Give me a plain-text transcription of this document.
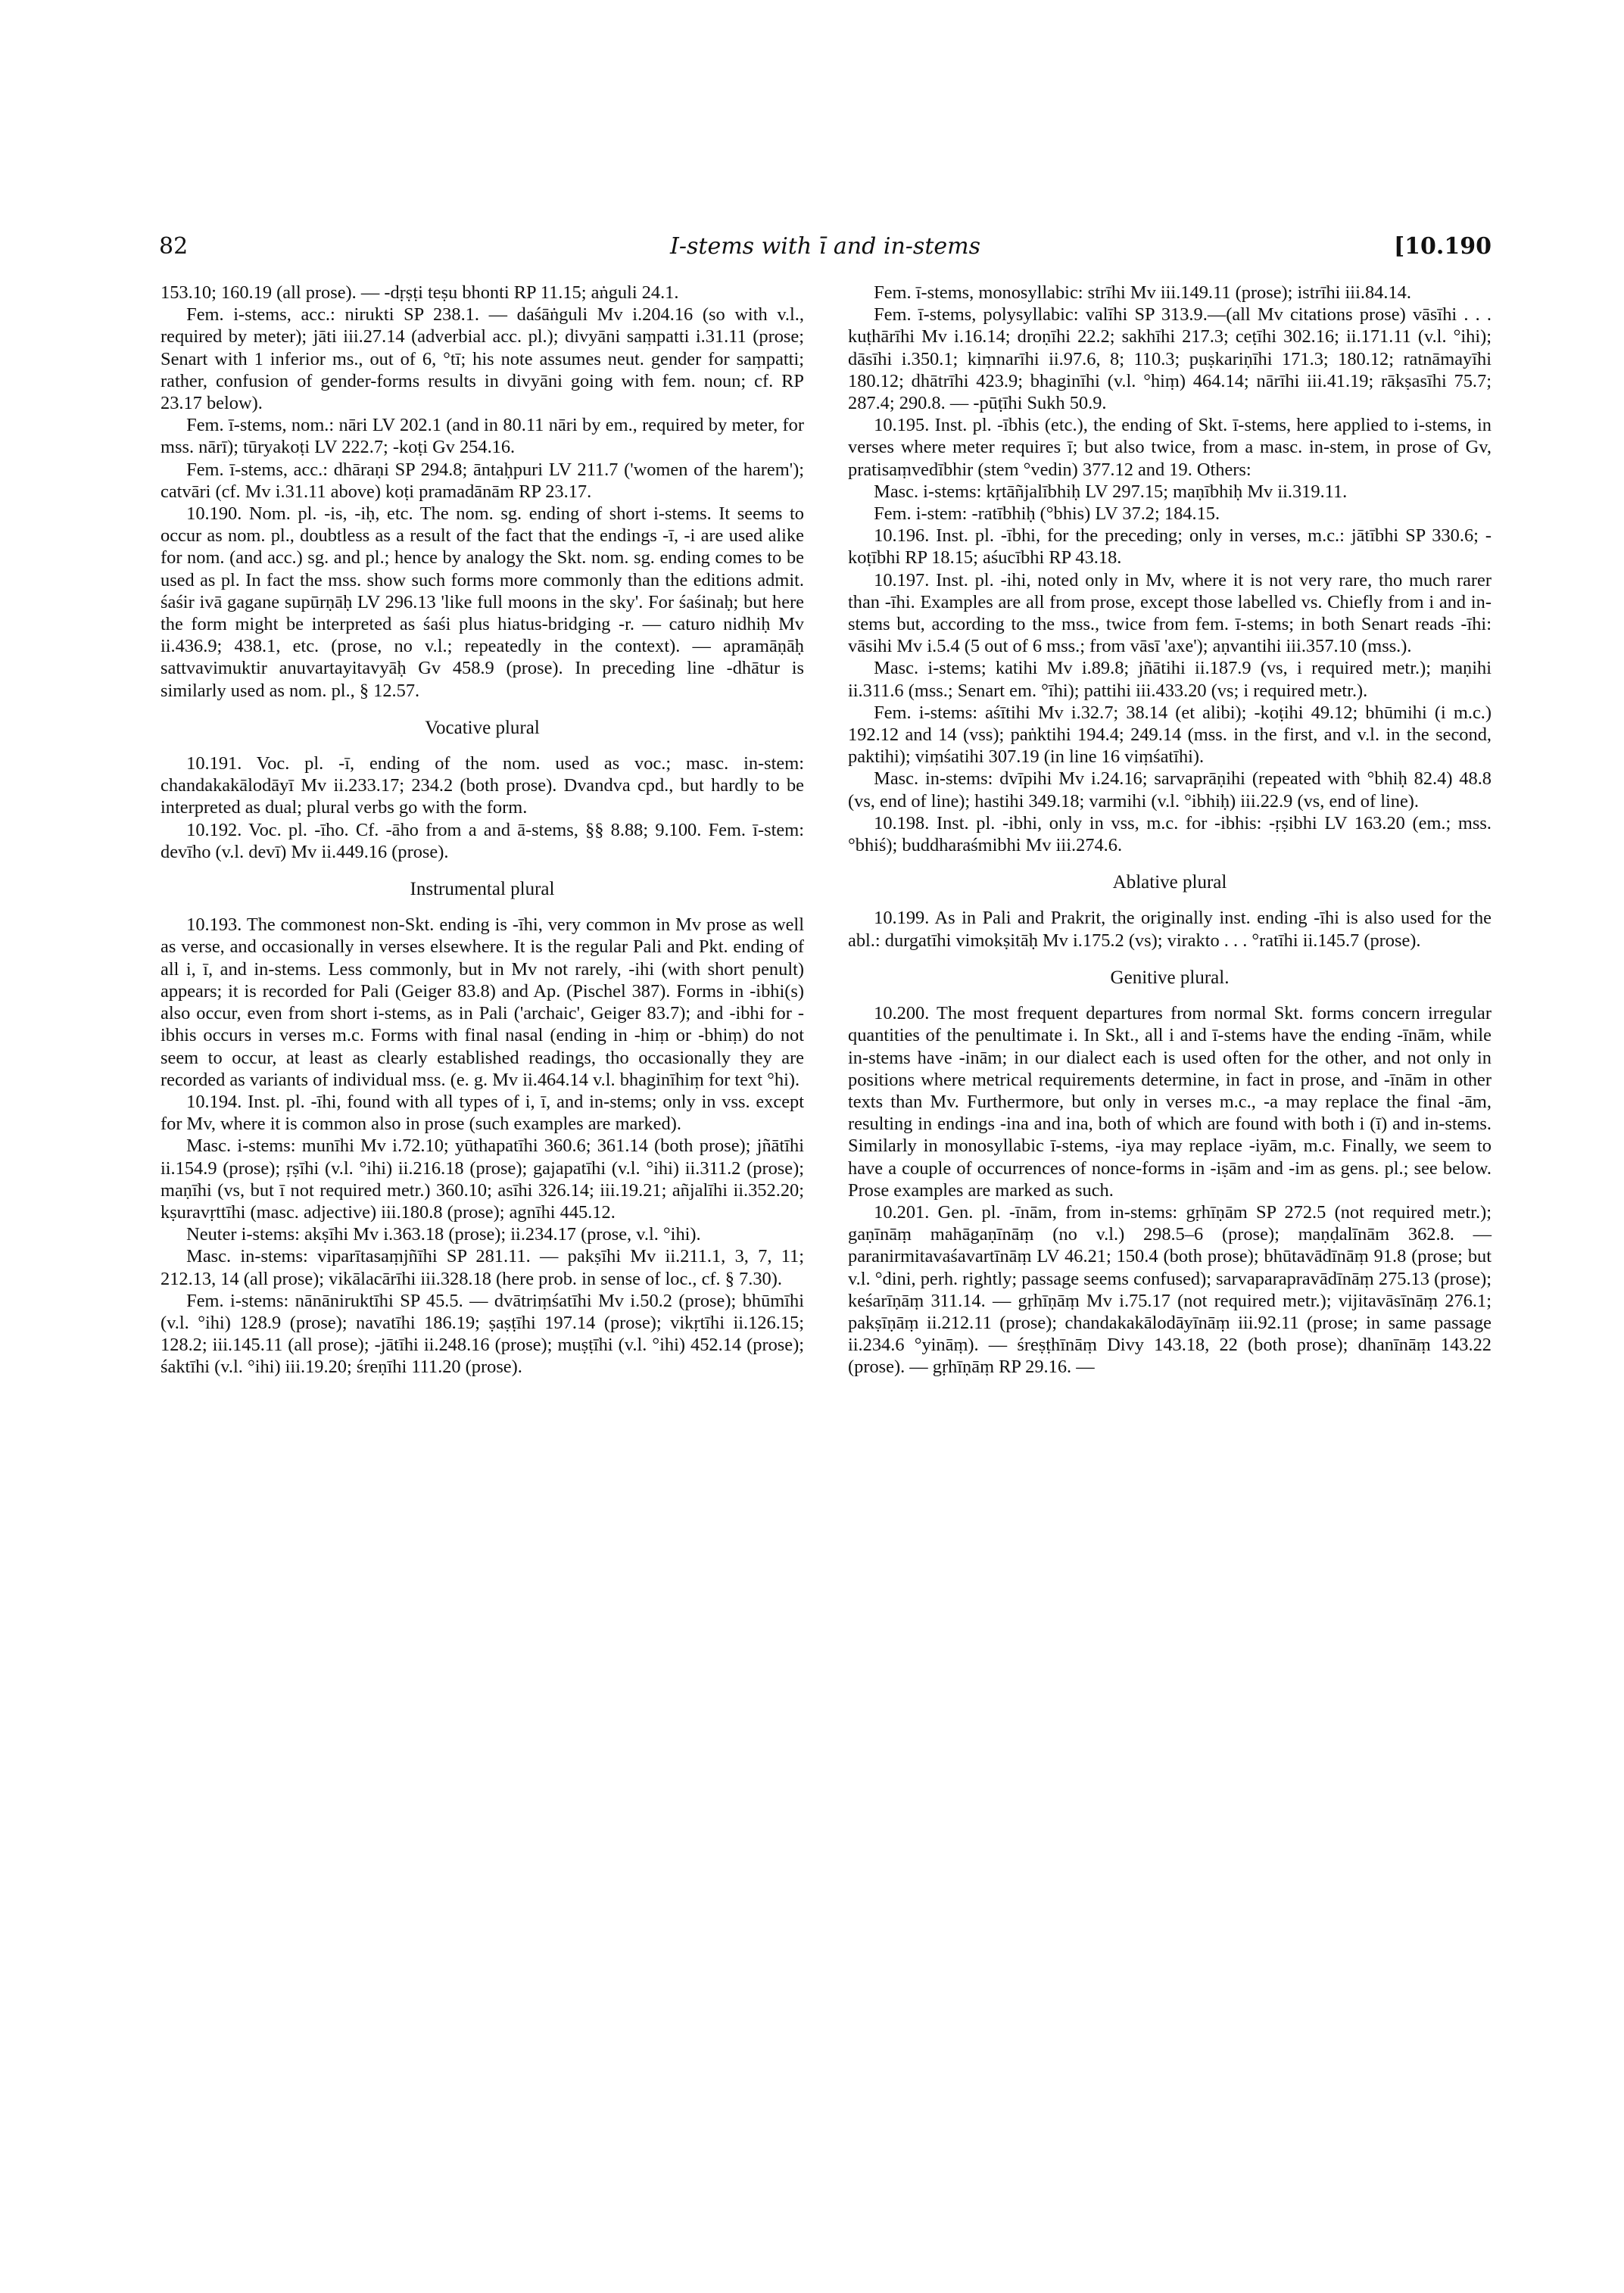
82	I-stems with ī and in-stems	[10.190

153.10; 160.19 (all prose). — -dṛṣṭi teṣu bhonti RP 11.15; aṅguli 24.1.

Fem. i-stems, acc.: nirukti SP 238.1. — daśāṅguli Mv i.204.16 (so with v.l., required by meter); jāti iii.27.14 (adverbial acc. pl.); divyāni saṃpatti i.31.11 (prose; Senart with 1 inferior ms., out of 6, °tī; his note assumes neut. gender for saṃpatti; rather, confusion of gender-forms results in divyāni going with fem. noun; cf. RP 23.17 below).

Fem. ī-stems, nom.: nāri LV 202.1 (and in 80.11 nāri by em., required by meter, for mss. nārī); tūryakoṭi LV 222.7; -koṭi Gv 254.16.

Fem. ī-stems, acc.: dhāraṇi SP 294.8; āntaḥpuri LV 211.7 ('women of the harem'); catvāri (cf. Mv i.31.11 above) koṭi pramadānām RP 23.17.

10.190. Nom. pl. -is, -iḥ, etc. The nom. sg. ending of short i-stems. It seems to occur as nom. pl., doubtless as a result of the fact that the endings -ī, -i are used alike for nom. (and acc.) sg. and pl.; hence by analogy the Skt. nom. sg. ending comes to be used as pl. In fact the mss. show such forms more commonly than the editions admit. śaśir ivā gagane supūrṇāḥ LV 296.13 'like full moons in the sky'. For śaśinaḥ; but here the form might be interpreted as śaśi plus hiatus-bridging -r. — caturo nidhiḥ Mv ii.436.9; 438.1, etc. (prose, no v.l.; repeatedly in the context). — apramāṇāḥ sattvavimuktir anuvartayitavyāḥ Gv 458.9 (prose). In preceding line -dhātur is similarly used as nom. pl., § 12.57.

Vocative plural

10.191. Voc. pl. -ī, ending of the nom. used as voc.; masc. in-stem: chandakakālodāyī Mv ii.233.17; 234.2 (both prose). Dvandva cpd., but hardly to be interpreted as dual; plural verbs go with the form.

10.192. Voc. pl. -īho. Cf. -āho from a and ā-stems, §§ 8.88; 9.100. Fem. ī-stem: devīho (v.l. devī) Mv ii.449.16 (prose).

Instrumental plural

10.193. The commonest non-Skt. ending is -īhi, very common in Mv prose as well as verse, and occasionally in verses elsewhere. It is the regular Pali and Pkt. ending of all i, ī, and in-stems. Less commonly, but in Mv not rarely, -ihi (with short penult) appears; it is recorded for Pali (Geiger 83.8) and Ap. (Pischel 387). Forms in -ibhi(s) also occur, even from short i-stems, as in Pali ('archaic', Geiger 83.7); and -ibhi for -ibhis occurs in verses m.c. Forms with final nasal (ending in -hiṃ or -bhiṃ) do not seem to occur, at least as clearly established readings, tho occasionally they are recorded as variants of individual mss. (e. g. Mv ii.464.14 v.l. bhaginīhiṃ for text °hi).

10.194. Inst. pl. -īhi, found with all types of i, ī, and in-stems; only in vss. except for Mv, where it is common also in prose (such examples are marked).

Masc. i-stems: munīhi Mv i.72.10; yūthapatīhi 360.6; 361.14 (both prose); jñātīhi ii.154.9 (prose); ṛṣīhi (v.l. °ihi) ii.216.18 (prose); gajapatīhi (v.l. °ihi) ii.311.2 (prose); maṇīhi (vs, but ī not required metr.) 360.10; asīhi 326.14; iii.19.21; añjalīhi ii.352.20; kṣuravṛttīhi (masc. adjective) iii.180.8 (prose); agnīhi 445.12.

Neuter i-stems: akṣīhi Mv i.363.18 (prose); ii.234.17 (prose, v.l. °ihi).

Masc. in-stems: viparītasaṃjñīhi SP 281.11. — pakṣīhi Mv ii.211.1, 3, 7, 11; 212.13, 14 (all prose); vikālacārīhi iii.328.18 (here prob. in sense of loc., cf. § 7.30).

Fem. i-stems: nānāniruktīhi SP 45.5. — dvātriṃśatīhi Mv i.50.2 (prose); bhūmīhi (v.l. °ihi) 128.9 (prose); navatīhi 186.19; ṣaṣṭīhi 197.14 (prose); vikṛtīhi ii.126.15; 128.2; iii.145.11 (all prose); -jātīhi ii.248.16 (prose); muṣṭīhi (v.l. °ihi) 452.14 (prose); śaktīhi (v.l. °ihi) iii.19.20; śreṇīhi 111.20 (prose).

Fem. ī-stems, monosyllabic: strīhi Mv iii.149.11 (prose); istrīhi iii.84.14.

Fem. ī-stems, polysyllabic: valīhi SP 313.9.—(all Mv citations prose) vāsīhi . . . kuṭhārīhi Mv i.16.14; droṇīhi 22.2; sakhīhi 217.3; ceṭīhi 302.16; ii.171.11 (v.l. °ihi); dāsīhi i.350.1; kiṃnarīhi ii.97.6, 8; 110.3; puṣkariṇīhi 171.3; 180.12; ratnāmayīhi 180.12; dhātrīhi 423.9; bhaginīhi (v.l. °hiṃ) 464.14; nārīhi iii.41.19; rākṣasīhi 75.7; 287.4; 290.8. — -pūṭīhi Sukh 50.9.

10.195. Inst. pl. -ībhis (etc.), the ending of Skt. ī-stems, here applied to i-stems, in verses where meter requires ī; but also twice, from a masc. in-stem, in prose of Gv, pratisaṃvedībhir (stem °vedin) 377.12 and 19. Others:

Masc. i-stems: kṛtāñjalībhiḥ LV 297.15; maṇībhiḥ Mv ii.319.11.

Fem. i-stem: -ratībhiḥ (°bhis) LV 37.2; 184.15.

10.196. Inst. pl. -ībhi, for the preceding; only in verses, m.c.: jātībhi SP 330.6; -koṭībhi RP 18.15; aśucībhi RP 43.18.

10.197. Inst. pl. -ihi, noted only in Mv, where it is not very rare, tho much rarer than -īhi. Examples are all from prose, except those labelled vs. Chiefly from i and in-stems but, according to the mss., twice from fem. ī-stems; in both Senart reads -īhi: vāsihi Mv i.5.4 (5 out of 6 mss.; from vāsī 'axe'); aṇvantihi iii.357.10 (mss.).

Masc. i-stems; katihi Mv i.89.8; jñātihi ii.187.9 (vs, i required metr.); maṇihi ii.311.6 (mss.; Senart em. °īhi); pattihi iii.433.20 (vs; i required metr.).

Fem. i-stems: aśītihi Mv i.32.7; 38.14 (et alibi); -koṭihi 49.12; bhūmihi (i m.c.) 192.12 and 14 (vss); paṅktihi 194.4; 249.14 (mss. in the first, and v.l. in the second, paktihi); viṃśatihi 307.19 (in line 16 viṃśatīhi).

Masc. in-stems: dvīpihi Mv i.24.16; sarvaprāṇihi (repeated with °bhiḥ 82.4) 48.8 (vs, end of line); hastihi 349.18; varmihi (v.l. °ibhiḥ) iii.22.9 (vs, end of line).

10.198. Inst. pl. -ibhi, only in vss, m.c. for -ibhis: -ṛṣibhi LV 163.20 (em.; mss. °bhiś); buddharaśmibhi Mv iii.274.6.

Ablative plural

10.199. As in Pali and Prakrit, the originally inst. ending -īhi is also used for the abl.: durgatīhi vimokṣitāḥ Mv i.175.2 (vs); virakto . . . °ratīhi ii.145.7 (prose).

Genitive plural.

10.200. The most frequent departures from normal Skt. forms concern irregular quantities of the penultimate i. In Skt., all i and ī-stems have the ending -īnām, while in-stems have -inām; in our dialect each is used often for the other, and not only in positions where metrical requirements determine, in fact in prose, and -īnām in other texts than Mv. Furthermore, but only in verses m.c., -a may replace the final -ām, resulting in endings -ina and ina, both of which are found with both i (ī) and in-stems. Similarly in monosyllabic ī-stems, -iya may replace -iyām, m.c. Finally, we seem to have a couple of occurrences of nonce-forms in -iṣām and -im as gens. pl.; see below. Prose examples are marked as such.

10.201. Gen. pl. -īnām, from in-stems: gṛhīṇām SP 272.5 (not required metr.); gaṇīnāṃ mahāgaṇīnāṃ (no v.l.) 298.5–6 (prose); maṇḍalīnām 362.8. — paranirmitavaśavartīnāṃ LV 46.21; 150.4 (both prose); bhūtavādīnāṃ 91.8 (prose; but v.l. °dini, perh. rightly; passage seems confused); sarvaparapravādīnāṃ 275.13 (prose); keśarīṇāṃ 311.14. — gṛhīṇāṃ Mv i.75.17 (not required metr.); vijitavāsīnāṃ 276.1; pakṣīṇāṃ ii.212.11 (prose); chandakakālodāyīnāṃ iii.92.11 (prose; in same passage ii.234.6 °yināṃ). — śreṣṭhīnāṃ Divy 143.18, 22 (both prose); dhanīnāṃ 143.22 (prose). — gṛhīṇāṃ RP 29.16. —
